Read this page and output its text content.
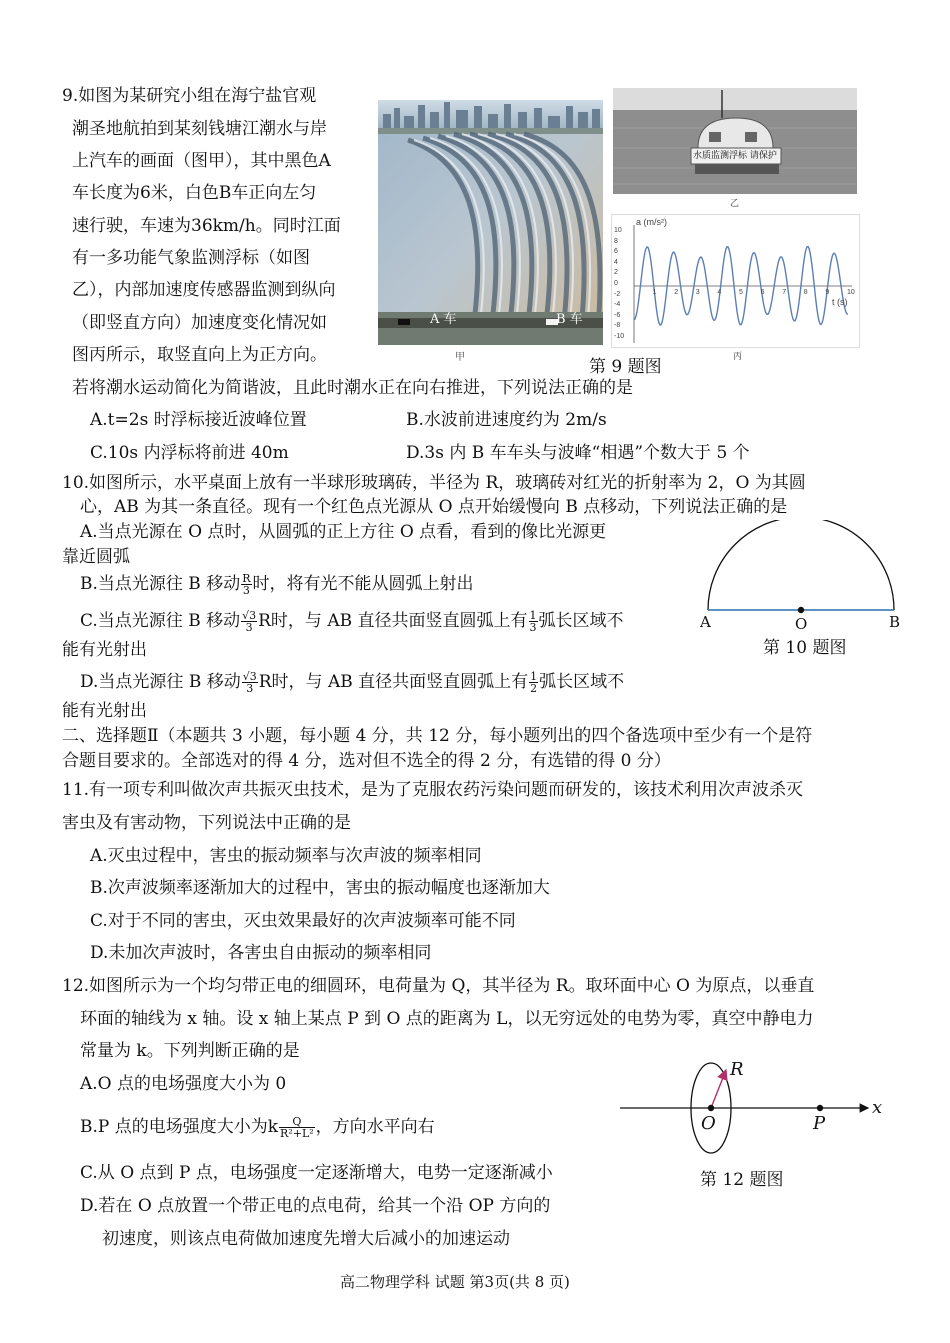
9.如图为某研究小组在海宁盐官观
潮圣地航拍到某刻钱塘江潮水与岸
上汽车的画面（图甲），其中黑色A
车长度为6米，白色B车正向左匀
速行驶，车速为36km/h。同时江面
有一多功能气象监测浮标（如图
乙），内部加速度传感器监测到纵向
（即竖直方向）加速度变化情况如
图丙所示，取竖直向上为正方向。
若将潮水运动简化为简谐波，且此时潮水正在向右推进，下列说法正确的是
A 车	B 车
甲
水质监测浮标 请保护
乙
a (m/s²)
t (s)
10
8
6
4
2
0
-2
-4
-6
-8
-10
1	2	3	4	5	6	7	8	9	10
丙
第 9 题图
A.t=2s 时浮标接近波峰位置	B.水波前进速度约为 2m/s
C.10s 内浮标将前进 40m	D.3s 内 B 车车头与波峰“相遇”个数大于 5 个
10.如图所示，水平桌面上放有一半球形玻璃砖，半径为 R，玻璃砖对红光的折射率为 2，O 为其圆
心，AB 为其一条直径。现有一个红色点光源从 O 点开始缓慢向 B 点移动，下列说法正确的是
A.当点光源在 O 点时，从圆弧的正上方往 O 点看，看到的像比光源更
靠近圆弧
B.当点光源往 B 移动 $\frac{R}{3}$ 时，将有光不能从圆弧上射出
C.当点光源往 B 移动 $\frac{√3}{3}$ R时，与 AB 直径共面竖直圆弧上有 $\frac{1}{3}$ 弧长区域不
能有光射出
D.当点光源往 B 移动 $\frac{√3}{3}$ R时，与 AB 直径共面竖直圆弧上有 $\frac{1}{2}$ 弧长区域不
能有光射出
A	O	B
第 10 题图
二、选择题Ⅱ（本题共 3 小题，每小题 4 分，共 12 分，每小题列出的四个备选项中至少有一个是符
合题目要求的。全部选对的得 4 分，选对但不选全的得 2 分，有选错的得 0 分）
11.有一项专利叫做次声共振灭虫技术，是为了克服农药污染问题而研发的，该技术利用次声波杀灭
害虫及有害动物，下列说法中正确的是
A.灭虫过程中，害虫的振动频率与次声波的频率相同
B.次声波频率逐渐加大的过程中，害虫的振动幅度也逐渐加大
C.对于不同的害虫，灭虫效果最好的次声波频率可能不同
D.未加次声波时，各害虫自由振动的频率相同
12.如图所示为一个均匀带正电的细圆环，电荷量为 Q，其半径为 R。取环面中心 O 为原点，以垂直
环面的轴线为 x 轴。设 x 轴上某点 P 到 O 点的距离为 L，以无穷远处的电势为零，真空中静电力
常量为 k。下列判断正确的是
A.O 点的电场强度大小为 0
B.P 点的电场强度大小为k $\frac{Q}{\text{R²+L²}}$ ，方向水平向右
C.从 O 点到 P 点，电场强度一定逐渐增大，电势一定逐渐减小
D.若在 O 点放置一个带正电的点电荷，给其一个沿 OP 方向的
初速度，则该点电荷做加速度先增大后减小的加速运动
R
O	P
x
第 12 题图
高二物理学科 试题 第3页(共 8 页)
